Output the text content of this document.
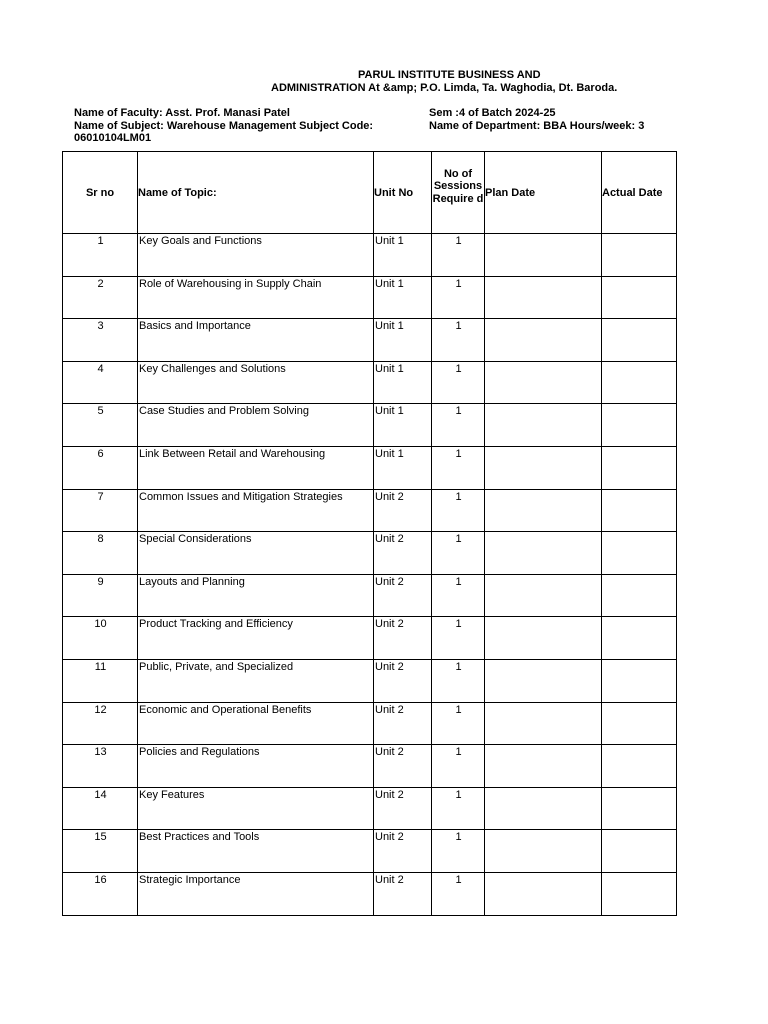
PARUL INSTITUTE BUSINESS AND
ADMINISTRATION At &amp; P.O. Limda, Ta. Waghodia, Dt. Baroda.
Name of Faculty: Asst. Prof. Manasi Patel
Name of Subject: Warehouse Management Subject Code:
06010104LM01
Sem :4 of Batch 2024-25
Name of Department: BBA Hours/week: 3
Sr no	Name of Topic:	Unit No	No of
Sessions
Require d	Plan Date	Actual Date

1	Key Goals and Functions	Unit 1	1		

2	Role of Warehousing in Supply Chain	Unit 1	1		

3	Basics and Importance	Unit 1	1		

4	Key Challenges and Solutions	Unit 1	1		

5	Case Studies and Problem Solving	Unit 1	1		

6	Link Between Retail and Warehousing	Unit 1	1		

7	Common Issues and Mitigation Strategies	Unit 2	1		

8	Special Considerations	Unit 2	1		

9	Layouts and Planning	Unit 2	1		

10	Product Tracking and Efficiency	Unit 2	1		

11	Public, Private, and Specialized	Unit 2	1		

12	Economic and Operational Benefits	Unit 2	1		

13	Policies and Regulations	Unit 2	1		

14	Key Features	Unit 2	1		

15	Best Practices and Tools	Unit 2	1		

16	Strategic Importance	Unit 2	1		
